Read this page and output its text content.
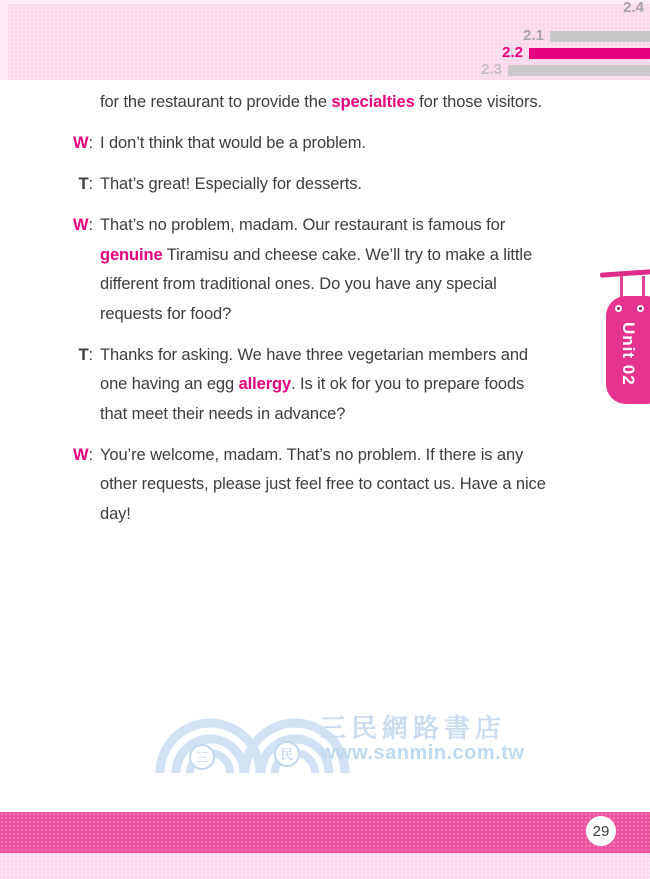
2.1
2.2
2.3
2.4
for the restaurant to provide the specialties for those visitors.
W: I don’t think that would be a problem.
T: That’s great! Especially for desserts.
W: That’s no problem, madam. Our restaurant is famous for
genuine Tiramisu and cheese cake. We’ll try to make a little
different from traditional ones. Do you have any special
requests for food?
T: Thanks for asking. We have three vegetarian members and
one having an egg allergy. Is it ok for you to prepare foods
that meet their needs in advance?
W: You’re welcome, madam. That’s no problem. If there is any
other requests, please just feel free to contact us. Have a nice
day!
Unit 02
三	民
三民網路書店
www.sanmin.com.tw
29
